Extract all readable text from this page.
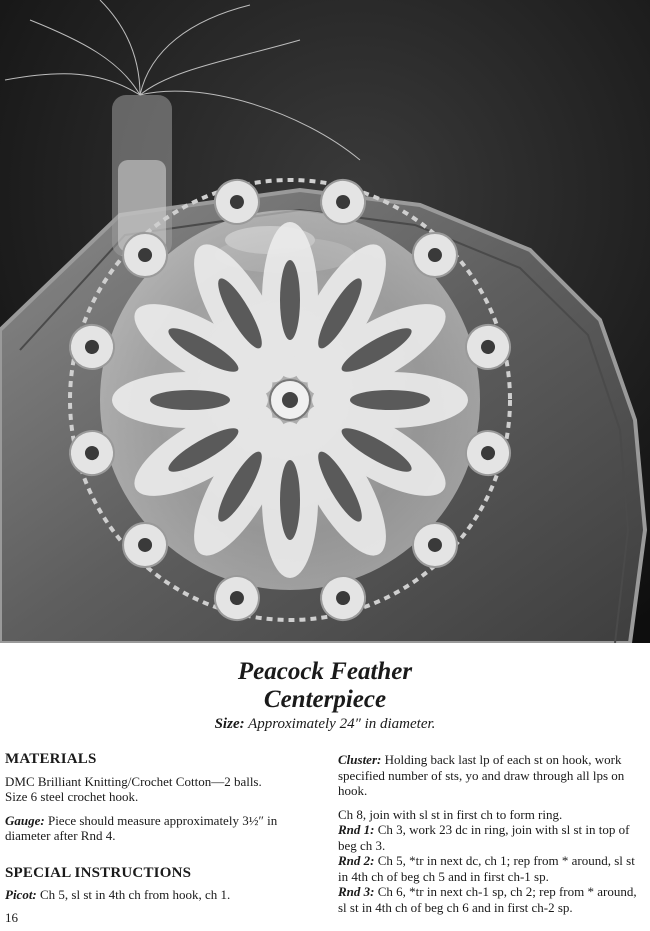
Peacock Feather
Centerpiece
Size: Approximately 24″ in diameter.
MATERIALS
DMC Brilliant Knitting/Crochet Cotton—2 balls.
Size 6 steel crochet hook.
Gauge: Piece should measure approximately 3½″ in diameter after Rnd 4.
SPECIAL INSTRUCTIONS
Picot: Ch 5, sl st in 4th ch from hook, ch 1.
Cluster: Holding back last lp of each st on hook, work specified number of sts, yo and draw through all lps on hook.
Ch 8, join with sl st in first ch to form ring.
Rnd 1: Ch 3, work 23 dc in ring, join with sl st in top of beg ch 3.
Rnd 2: Ch 5, *tr in next dc, ch 1; rep from * around, sl st in 4th ch of beg ch 5 and in first ch-1 sp.
Rnd 3: Ch 6, *tr in next ch-1 sp, ch 2; rep from * around, sl st in 4th ch of beg ch 6 and in first ch-2 sp.
16
